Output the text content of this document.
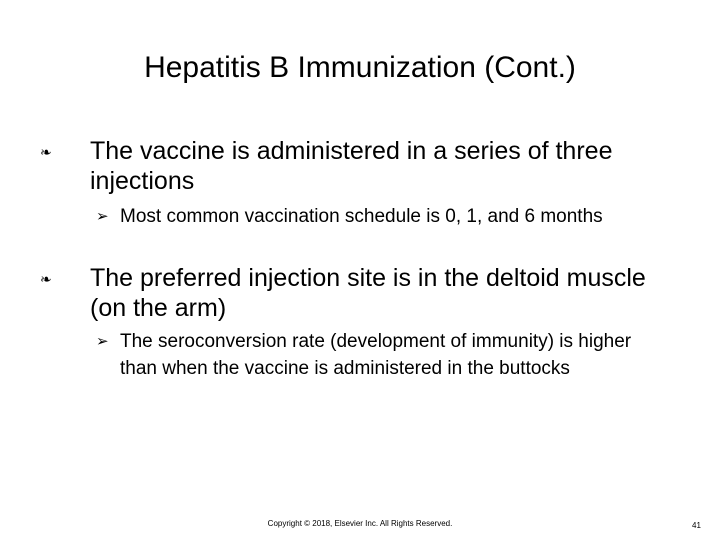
Hepatitis B Immunization (Cont.)
❧ The vaccine is administered in a series of three injections
➢ Most common vaccination schedule is 0, 1, and 6 months
❧ The preferred injection site is in the deltoid muscle (on the arm)
➢ The seroconversion rate (development of immunity) is higher than when the vaccine is administered in the buttocks
Copyright © 2018, Elsevier Inc. All Rights Reserved.	41
